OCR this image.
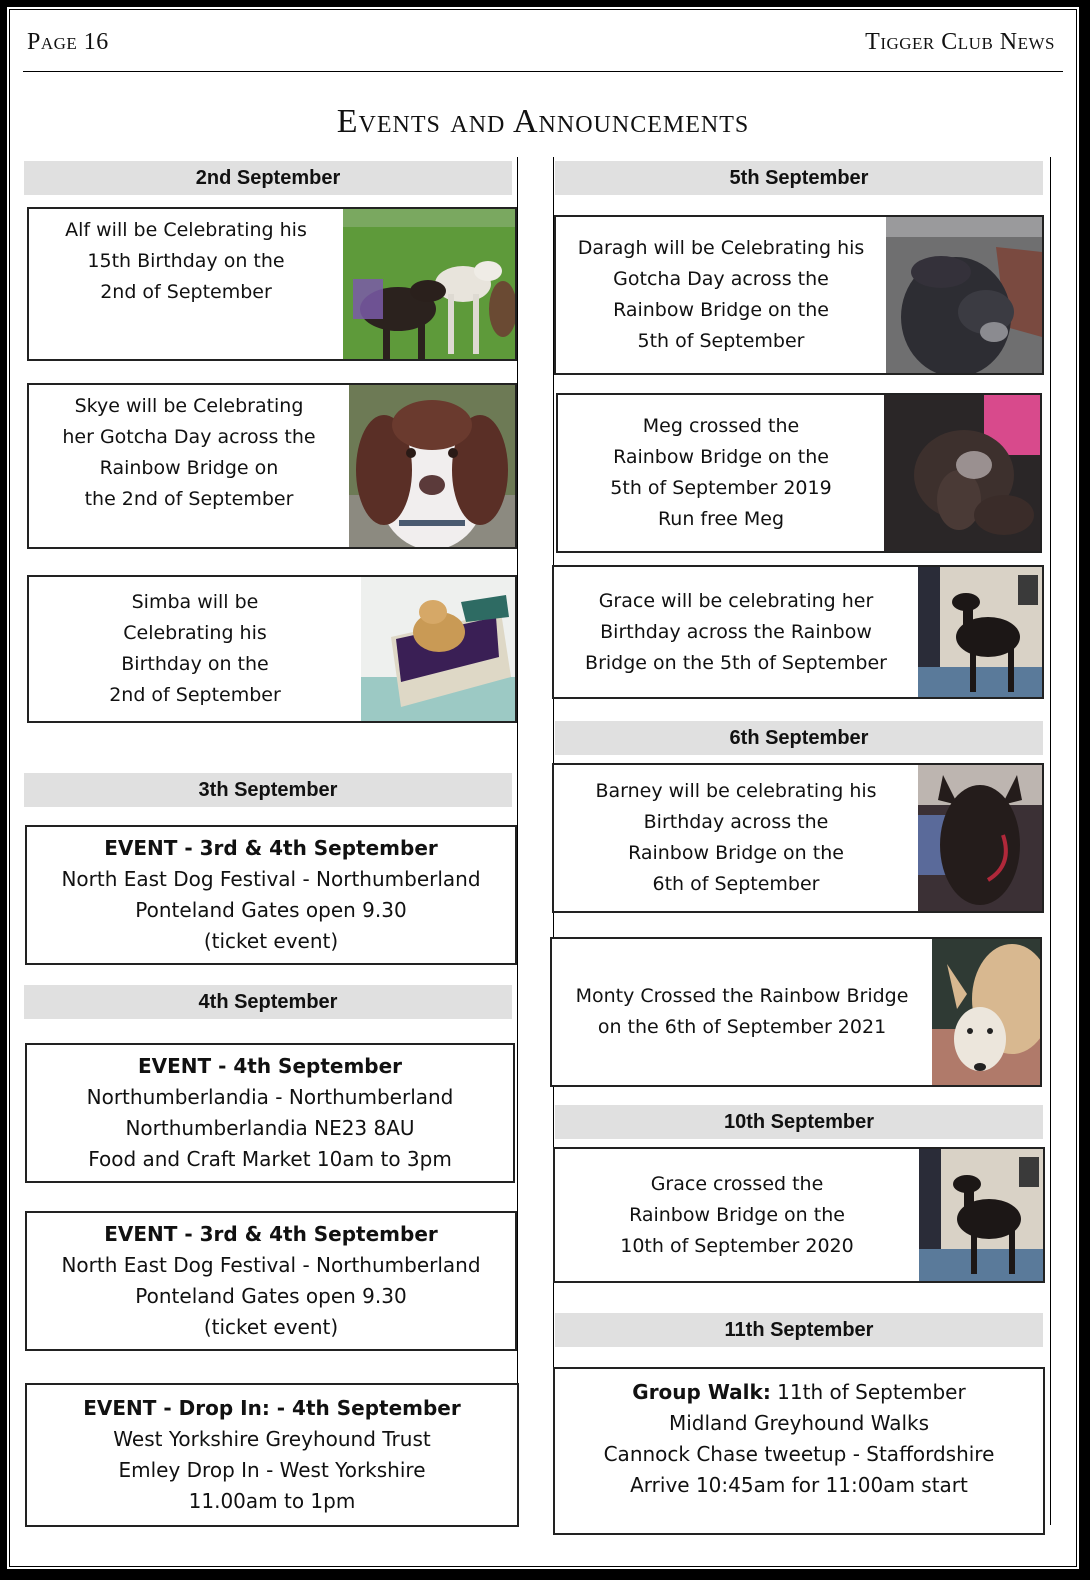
Page 16	Tigger Club News
Events and Announcements
2nd September
Alf will be Celebrating his
15th Birthday on the
2nd of September
Skye will be Celebrating
her Gotcha Day across the
Rainbow Bridge on
the 2nd of September
Simba will be
Celebrating his
Birthday on the
2nd of September
3th September
EVENT - 3rd & 4th September
North East Dog Festival - Northumberland
Ponteland Gates open 9.30
(ticket event)
4th September
EVENT - 4th September
Northumberlandia - Northumberland
Northumberlandia NE23 8AU
Food and Craft Market 10am to 3pm
EVENT - 3rd & 4th September
North East Dog Festival - Northumberland
Ponteland Gates open 9.30
(ticket event)
EVENT - Drop In: - 4th September
West Yorkshire Greyhound Trust
Emley Drop In - West Yorkshire
11.00am to 1pm
5th September
Daragh will be Celebrating his
Gotcha Day across the
Rainbow Bridge on the
5th of September
Meg crossed the
Rainbow Bridge on the
5th of September 2019
Run free Meg
Grace will be celebrating her
Birthday across the Rainbow
Bridge on the 5th of September
6th September
Barney will be celebrating his
Birthday across the
Rainbow Bridge on the
6th of September
Monty Crossed the Rainbow Bridge
on the 6th of September 2021
10th September
Grace crossed the
Rainbow Bridge on the
10th of September 2020
11th September
Group Walk: 11th of September
Midland Greyhound Walks
Cannock Chase tweetup - Staffordshire
Arrive 10:45am for 11:00am start
